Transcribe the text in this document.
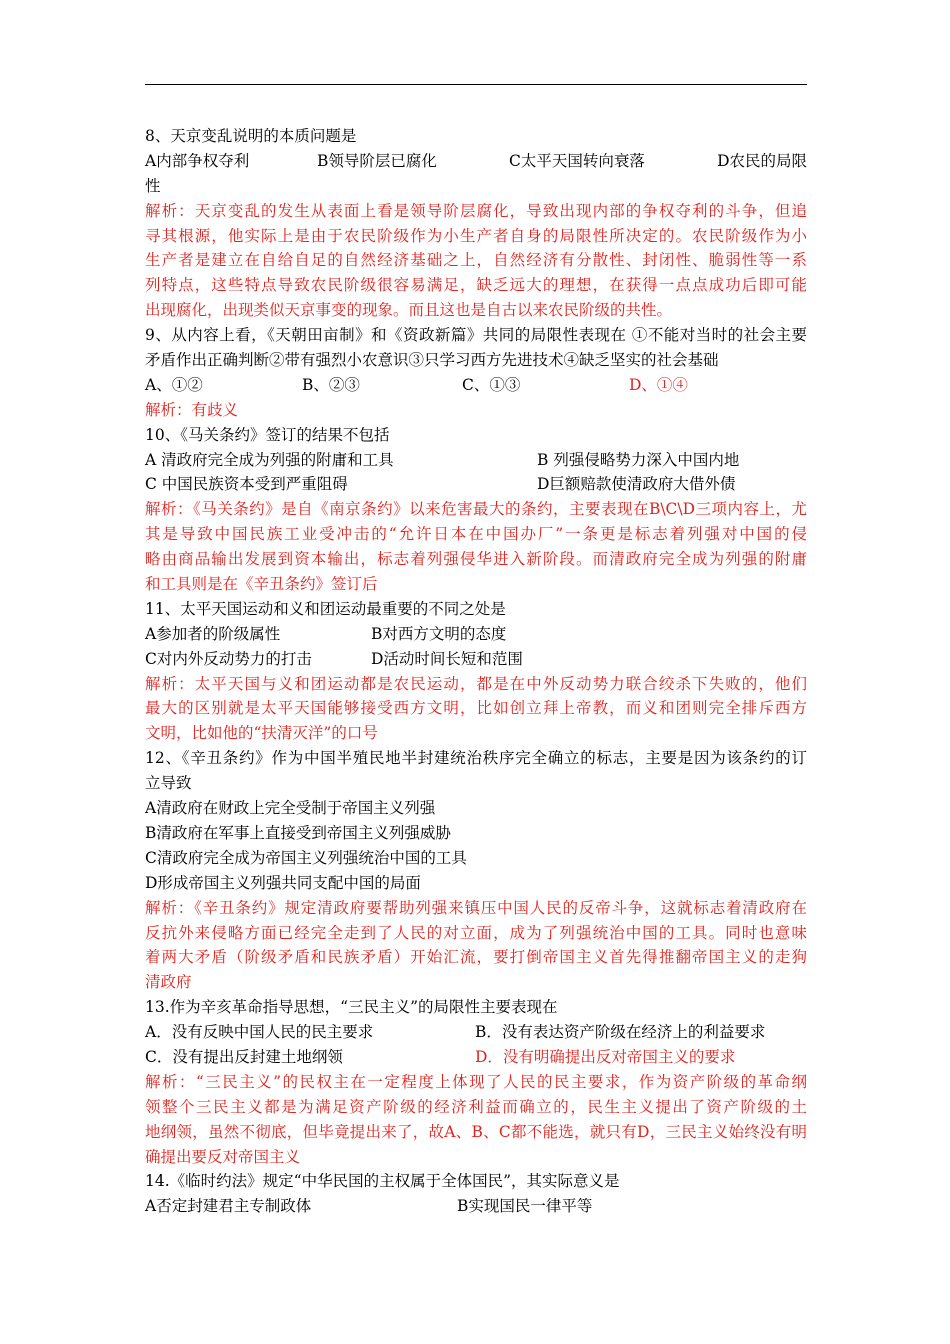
8、天京变乱说明的本质问题是
A内部争权夺利	B领导阶层已腐化	C太平天国转向衰落	D农民的局限
性
解析：天京变乱的发生从表面上看是领导阶层腐化，导致出现内部的争权夺利的斗争，但追
寻其根源，他实际上是由于农民阶级作为小生产者自身的局限性所决定的。农民阶级作为小
生产者是建立在自给自足的自然经济基础之上，自然经济有分散性、封闭性、脆弱性等一系
列特点，这些特点导致农民阶级很容易满足，缺乏远大的理想，在获得一点点成功后即可能
出现腐化，出现类似天京事变的现象。而且这也是自古以来农民阶级的共性。
9、从内容上看，《天朝田亩制》和《资政新篇》共同的局限性表现在 ①不能对当时的社会主要
矛盾作出正确判断②带有强烈小农意识③只学习西方先进技术④缺乏坚实的社会基础
A、①②	B、②③	C、①③	D、①④
解析：有歧义
10、《马关条约》签订的结果不包括
A 清政府完全成为列强的附庸和工具	B 列强侵略势力深入中国内地
C 中国民族资本受到严重阻碍	D巨额赔款使清政府大借外债
解析：《马关条约》是自《南京条约》以来危害最大的条约，主要表现在B\C\D三项内容上，尤
其是导致中国民族工业受冲击的“允许日本在中国办厂”一条更是标志着列强对中国的侵
略由商品输出发展到资本输出，标志着列强侵华进入新阶段。而清政府完全成为列强的附庸
和工具则是在《辛丑条约》签订后
11、太平天国运动和义和团运动最重要的不同之处是
A参加者的阶级属性	B对西方文明的态度
C对内外反动势力的打击	D活动时间长短和范围
解析：太平天国与义和团运动都是农民运动，都是在中外反动势力联合绞杀下失败的，他们
最大的区别就是太平天国能够接受西方文明，比如创立拜上帝教，而义和团则完全排斥西方
文明，比如他的“扶清灭洋”的口号
12、《辛丑条约》作为中国半殖民地半封建统治秩序完全确立的标志，主要是因为该条约的订
立导致
A清政府在财政上完全受制于帝国主义列强
B清政府在军事上直接受到帝国主义列强威胁
C清政府完全成为帝国主义列强统治中国的工具
D形成帝国主义列强共同支配中国的局面
解析：《辛丑条约》规定清政府要帮助列强来镇压中国人民的反帝斗争，这就标志着清政府在
反抗外来侵略方面已经完全走到了人民的对立面，成为了列强统治中国的工具。同时也意味
着两大矛盾（阶级矛盾和民族矛盾）开始汇流，要打倒帝国主义首先得推翻帝国主义的走狗
清政府
13.作为辛亥革命指导思想，“三民主义”的局限性主要表现在
A．没有反映中国人民的民主要求	B．没有表达资产阶级在经济上的利益要求
C．没有提出反封建土地纲领	D．没有明确提出反对帝国主义的要求
解析：“三民主义”的民权主在一定程度上体现了人民的民主要求，作为资产阶级的革命纲
领整个三民主义都是为满足资产阶级的经济利益而确立的，民生主义提出了资产阶级的土
地纲领，虽然不彻底，但毕竟提出来了，故A、B、C都不能选，就只有D，三民主义始终没有明
确提出要反对帝国主义
14.《临时约法》规定“中华民国的主权属于全体国民”，其实际意义是
A否定封建君主专制政体	B实现国民一律平等
